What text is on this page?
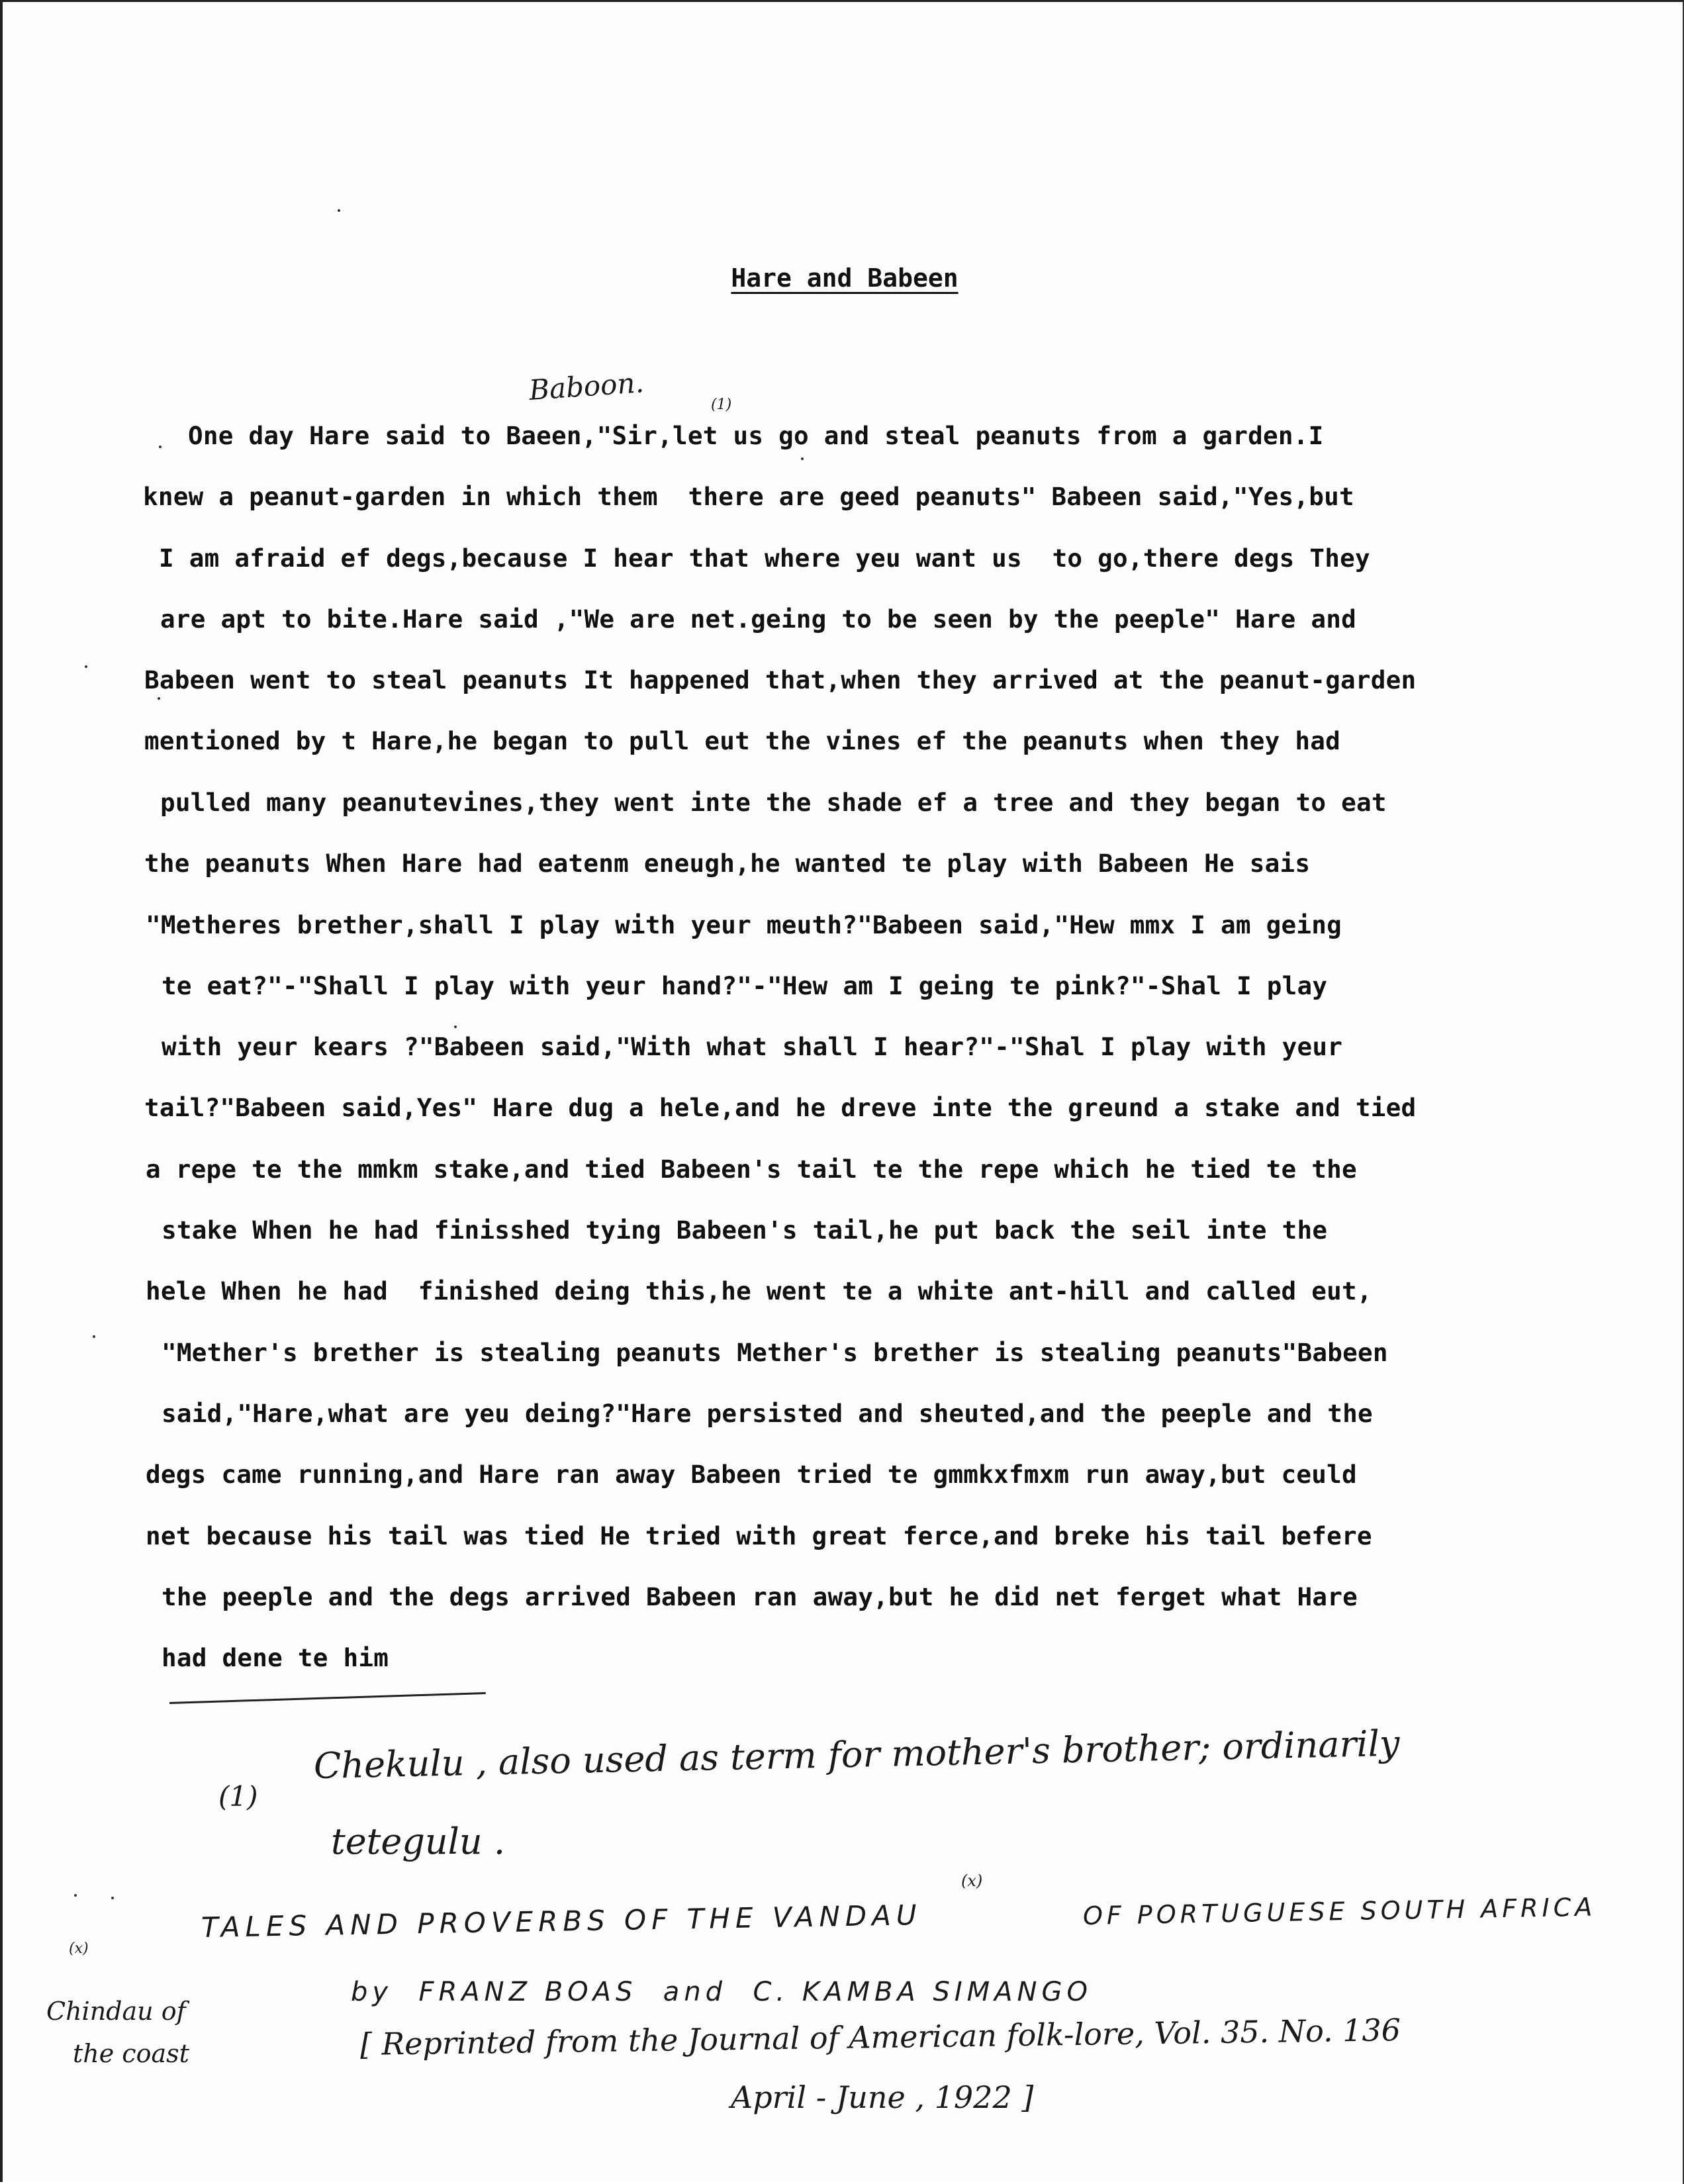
Hare and Babeen
One day Hare said to Baeen,"Sir,let us go and steal peanuts from a garden.I
knew a peanut-garden in which them  there are geed peanuts" Babeen said,"Yes,but
I am afraid ef degs,because I hear that where yeu want us  to go,there degs They
are apt to bite.Hare said ,"We are net.geing to be seen by the peeple" Hare and
Babeen went to steal peanuts It happened that,when they arrived at the peanut-garden
mentioned by t Hare,he began to pull eut the vines ef the peanuts when they had
pulled many peanutevines,they went inte the shade ef a tree and they began to eat
the peanuts When Hare had eatenm eneugh,he wanted te play with Babeen He sais
"Metheres brether,shall I play with yeur meuth?"Babeen said,"Hew mmx I am geing
te eat?"-"Shall I play with yeur hand?"-"Hew am I geing te pink?"-Shal I play
with yeur kears ?"Babeen said,"With what shall I hear?"-"Shal I play with yeur
tail?"Babeen said,Yes" Hare dug a hele,and he dreve inte the greund a stake and tied
a repe te the mmkm stake,and tied Babeen's tail te the repe which he tied te the
stake When he had finisshed tying Babeen's tail,he put back the seil inte the
hele When he had  finished deing this,he went te a white ant-hill and called eut,
"Mether's brether is stealing peanuts Mether's brether is stealing peanuts"Babeen
said,"Hare,what are yeu deing?"Hare persisted and sheuted,and the peeple and the
degs came running,and Hare ran away Babeen tried te gmmkxfmxm run away,but ceuld
net because his tail was tied He tried with great ferce,and breke his tail befere
the peeple and the degs arrived Babeen ran away,but he did net ferget what Hare
had dene te him
Baboon.	(1)
(1)
Chekulu , also used as term for mother's brother; ordinarily
tetegulu .
TALES AND PROVERBS OF THE VANDAU
(x)
OF PORTUGUESE SOUTH AFRICA
by  FRANZ BOAS  and  C. KAMBA SIMANGO
[ Reprinted from the Journal of American folk-lore, Vol. 35. No. 136
April - June , 1922 ]
(x)
Chindau of
the coast
